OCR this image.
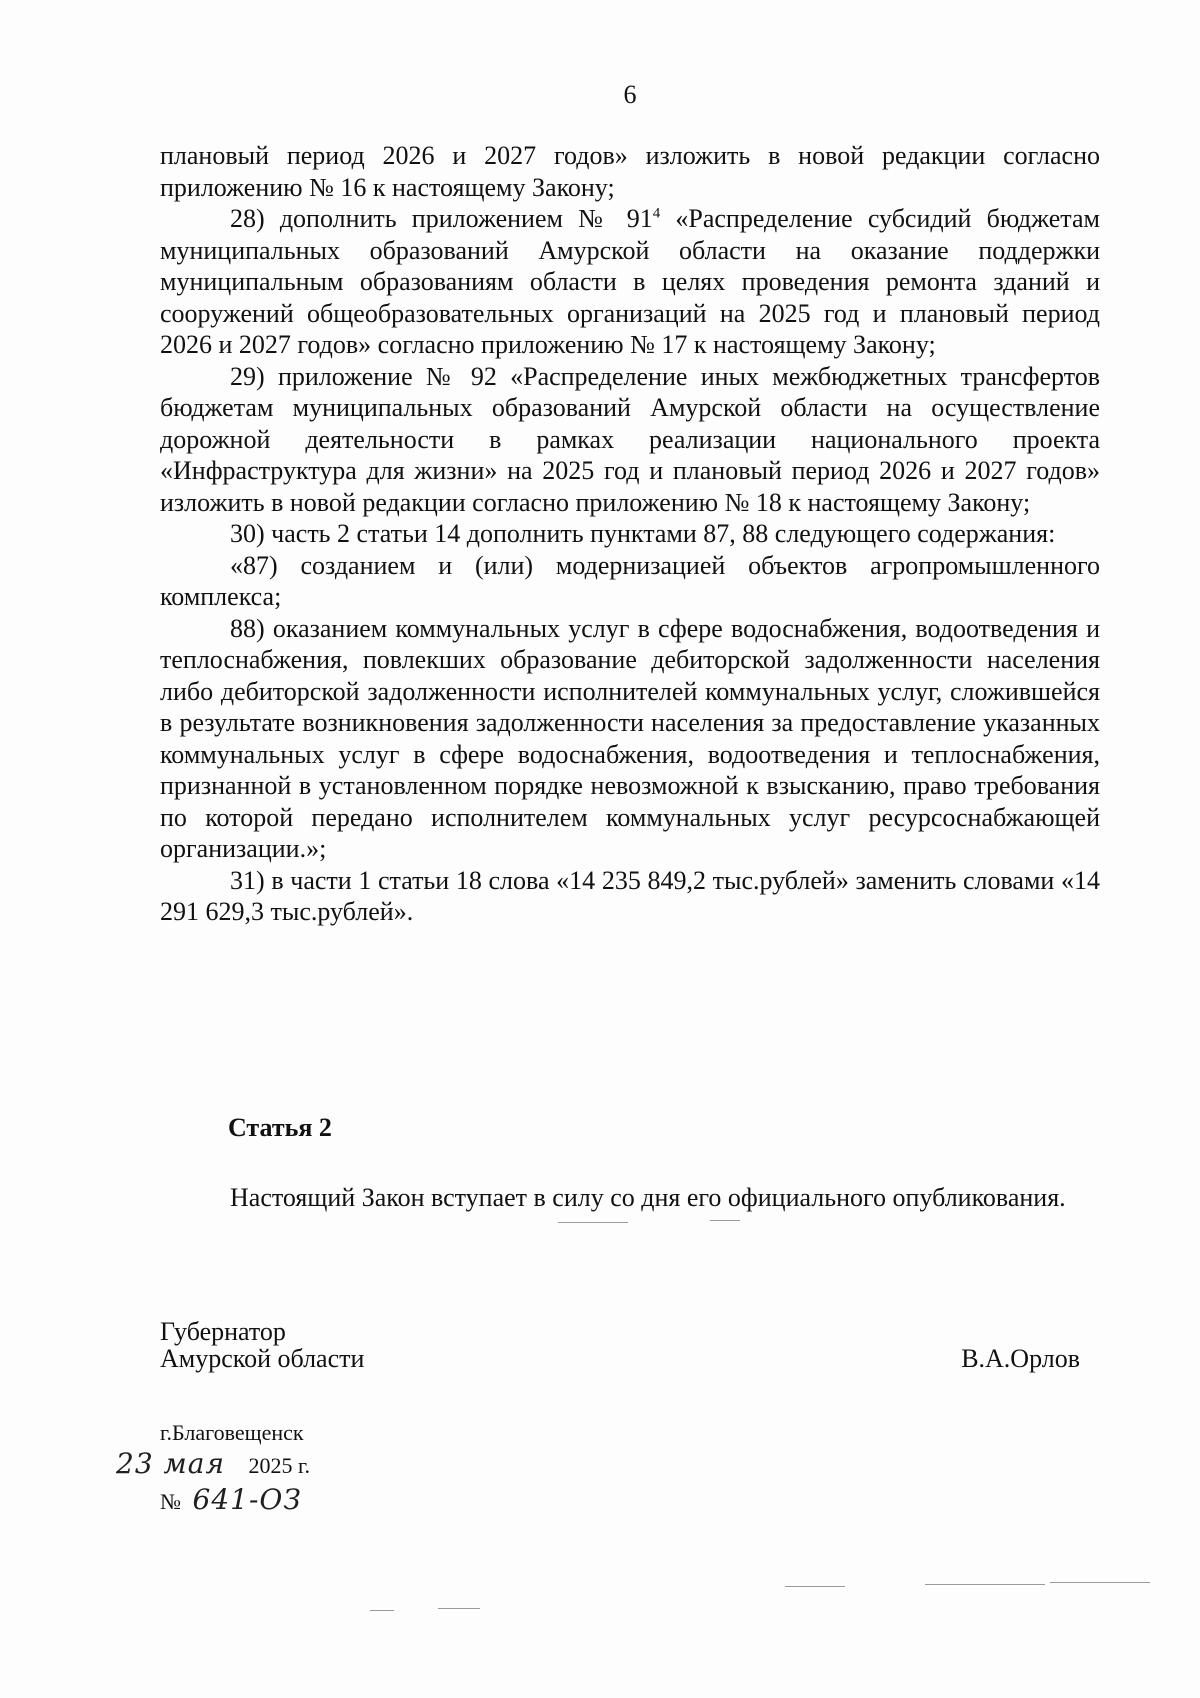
6

плановый период 2026 и 2027 годов» изложить в новой редакции согласно приложению № 16 к настоящему Закону;

28) дополнить приложением № $91^4$ «Распределение субсидий бюджетам муниципальных образований Амурской области на оказание поддержки муниципальным образованиям области в целях проведения ремонта зданий и сооружений общеобразовательных организаций на 2025 год и плановый период 2026 и 2027 годов» согласно приложению № 17 к настоящему Закону;

29) приложение № 92 «Распределение иных межбюджетных трансфертов бюджетам муниципальных образований Амурской области на осуществление дорожной деятельности в рамках реализации национального проекта «Инфраструктура для жизни» на 2025 год и плановый период 2026 и 2027 годов» изложить в новой редакции согласно приложению № 18 к настоящему Закону;

30) часть 2 статьи 14 дополнить пунктами 87, 88 следующего содержания:

«87) созданием и (или) модернизацией объектов агропромышленного комплекса;

88) оказанием коммунальных услуг в сфере водоснабжения, водоотведения и теплоснабжения, повлекших образование дебиторской задолженности населения либо дебиторской задолженности исполнителей коммунальных услуг, сложившейся в результате возникновения задолженности населения за предоставление указанных коммунальных услуг в сфере водоснабжения, водоотведения и теплоснабжения, признанной в установленном порядке невозможной к взысканию, право требования по которой передано исполнителем коммунальных услуг ресурсоснабжающей организации.»;

31) в части 1 статьи 18 слова «14 235 849,2 тыс.рублей» заменить словами «14 291 629,3 тыс.рублей».

Статья 2

Настоящий Закон вступает в силу со дня его официального опубликования.

Губернатор
Амурской области	В.А.Орлов
г.Благовещенск
23 мая 2025 г.
№ 641-ОЗ
